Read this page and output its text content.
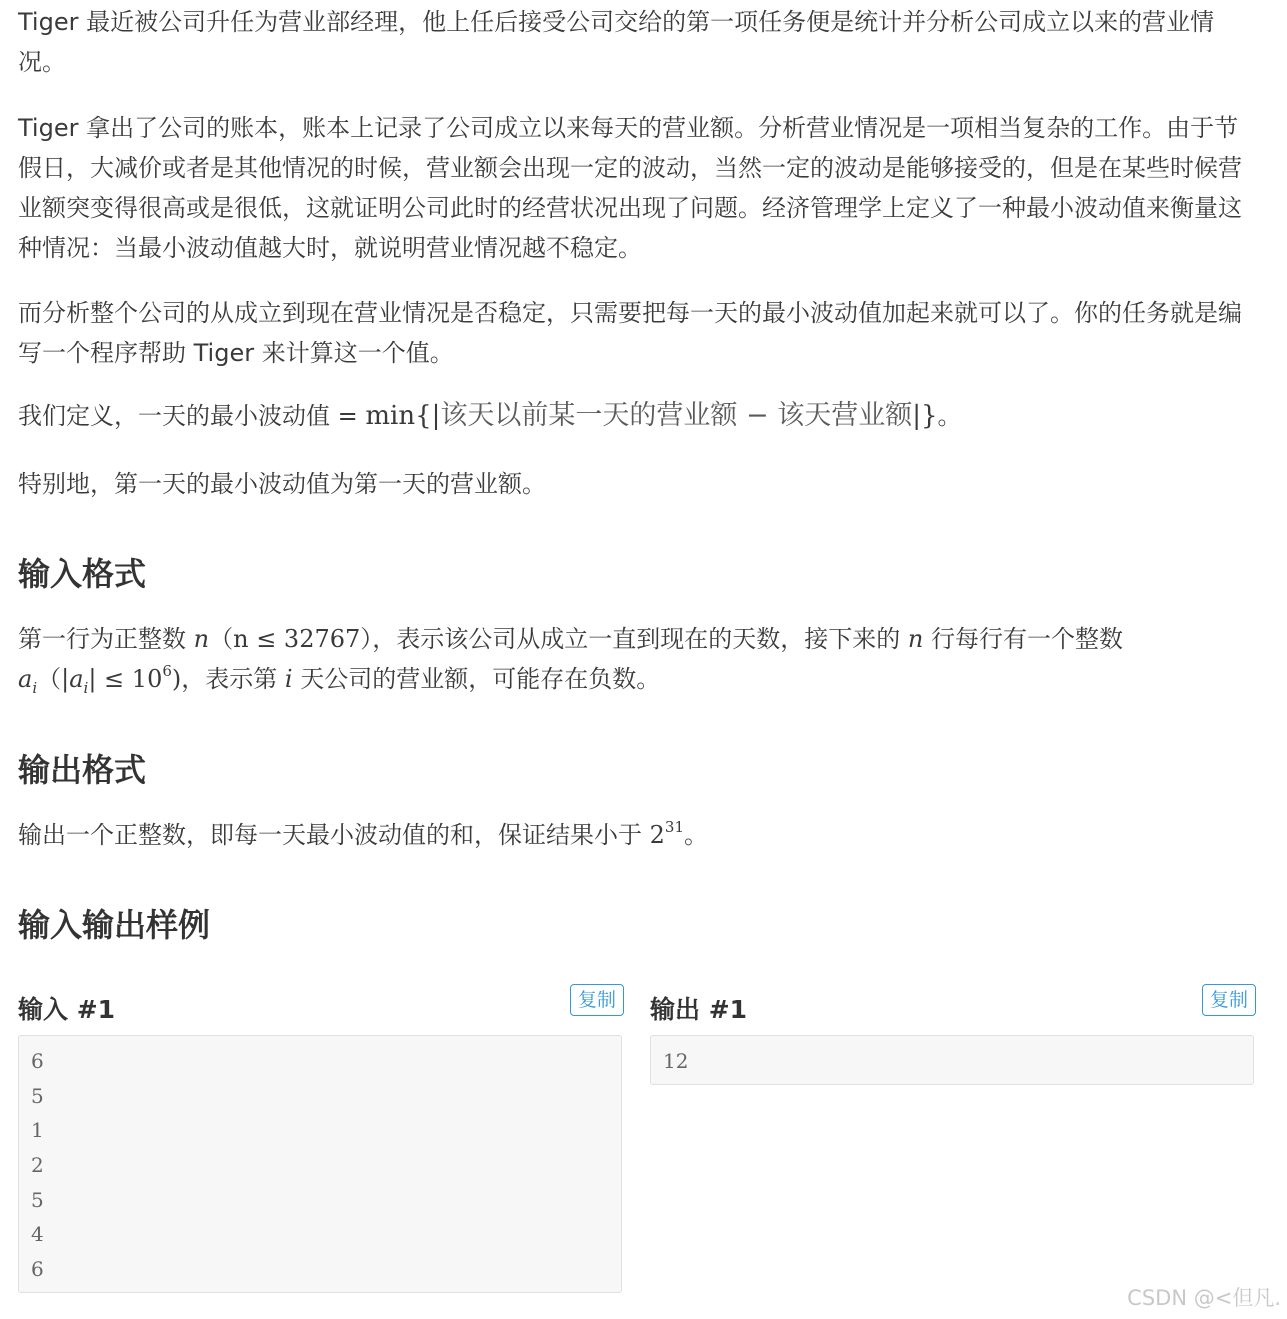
Tiger 最近被公司升任为营业部经理，他上任后接受公司交给的第一项任务便是统计并分析公司成立以来的营业情况。

Tiger 拿出了公司的账本，账本上记录了公司成立以来每天的营业额。分析营业情况是一项相当复杂的工作。由于节假日，大减价或者是其他情况的时候，营业额会出现一定的波动，当然一定的波动是能够接受的，但是在某些时候营业额突变得很高或是很低，这就证明公司此时的经营状况出现了问题。经济管理学上定义了一种最小波动值来衡量这种情况：当最小波动值越大时，就说明营业情况越不稳定。

而分析整个公司的从成立到现在营业情况是否稳定，只需要把每一天的最小波动值加起来就可以了。你的任务就是编写一个程序帮助 Tiger 来计算这一个值。

我们定义，一天的最小波动值 = min{|该天以前某一天的营业额 − 该天营业额|}。

特别地，第一天的最小波动值为第一天的营业额。

输入格式

第一行为正整数 n（n ≤ 32767），表示该公司从成立一直到现在的天数，接下来的 n 行每行有一个整数
$a_i(|a_i| \le 10^6)$，表示第 i 天公司的营业额，可能存在负数。

输出格式

输出一个正整数，即每一天最小波动值的和，保证结果小于 $2^{31}$。

输入输出样例
输入 #1	复制
6
5
1
2
5
4
6
输出 #1	复制
12
CSDN @<但凡.
